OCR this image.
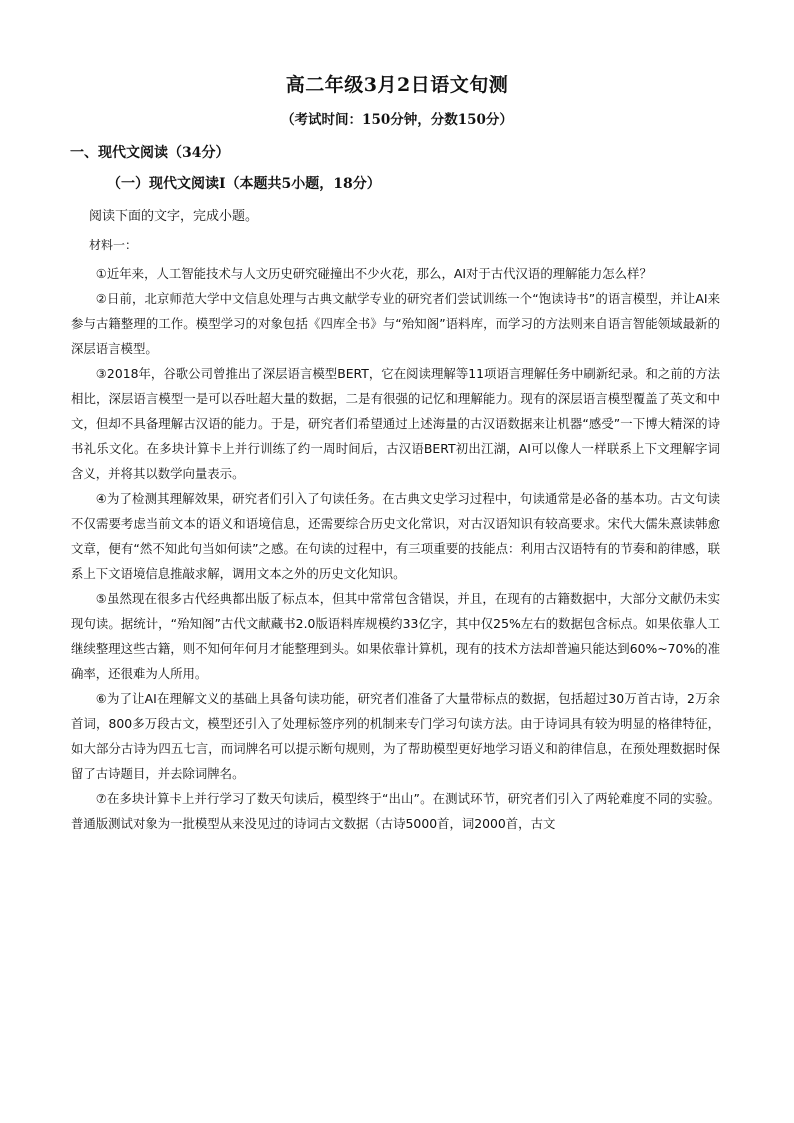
高二年级3月2日语文旬测
（考试时间：150分钟，分数150分）
一、现代文阅读（34分）
（一）现代文阅读Ⅰ（本题共5小题，18分）
阅读下面的文字，完成小题。
材料一：

①近年来，人工智能技术与人文历史研究碰撞出不少火花，那么，AI对于古代汉语的理解能力怎么样？

②日前，北京师范大学中文信息处理与古典文献学专业的研究者们尝试训练一个“饱读诗书”的语言模型，并让AI来参与古籍整理的工作。模型学习的对象包括《四库全书》与“殆知阁”语料库，而学习的方法则来自语言智能领域最新的深层语言模型。

③2018年，谷歌公司曾推出了深层语言模型BERT，它在阅读理解等11项语言理解任务中刷新纪录。和之前的方法相比，深层语言模型一是可以吞吐超大量的数据，二是有很强的记忆和理解能力。现有的深层语言模型覆盖了英文和中文，但却不具备理解古汉语的能力。于是，研究者们希望通过上述海量的古汉语数据来让机器“感受”一下博大精深的诗书礼乐文化。在多块计算卡上并行训练了约一周时间后，古汉语BERT初出江湖，AI可以像人一样联系上下文理解字词含义，并将其以数学向量表示。

④为了检测其理解效果，研究者们引入了句读任务。在古典文史学习过程中，句读通常是必备的基本功。古文句读不仅需要考虑当前文本的语义和语境信息，还需要综合历史文化常识，对古汉语知识有较高要求。宋代大儒朱熹读韩愈文章，便有“然不知此句当如何读”之感。在句读的过程中，有三项重要的技能点：利用古汉语特有的节奏和韵律感，联系上下文语境信息推敲求解，调用文本之外的历史文化知识。

⑤虽然现在很多古代经典都出版了标点本，但其中常常包含错误，并且，在现有的古籍数据中，大部分文献仍未实现句读。据统计，“殆知阁”古代文献藏书2.0版语料库规模约33亿字，其中仅25%左右的数据包含标点。如果依靠人工继续整理这些古籍，则不知何年何月才能整理到头。如果依靠计算机，现有的技术方法却普遍只能达到60%~70%的准确率，还很难为人所用。

⑥为了让AI在理解文义的基础上具备句读功能，研究者们准备了大量带标点的数据，包括超过30万首古诗，2万余首词，800多万段古文，模型还引入了处理标签序列的机制来专门学习句读方法。由于诗词具有较为明显的格律特征，如大部分古诗为四五七言，而词牌名可以提示断句规则，为了帮助模型更好地学习语义和韵律信息，在预处理数据时保留了古诗题目，并去除词牌名。

⑦在多块计算卡上并行学习了数天句读后，模型终于“出山”。在测试环节，研究者们引入了两轮难度不同的实验。普通版测试对象为一批模型从来没见过的诗词古文数据（古诗5000首，词2000首，古文
